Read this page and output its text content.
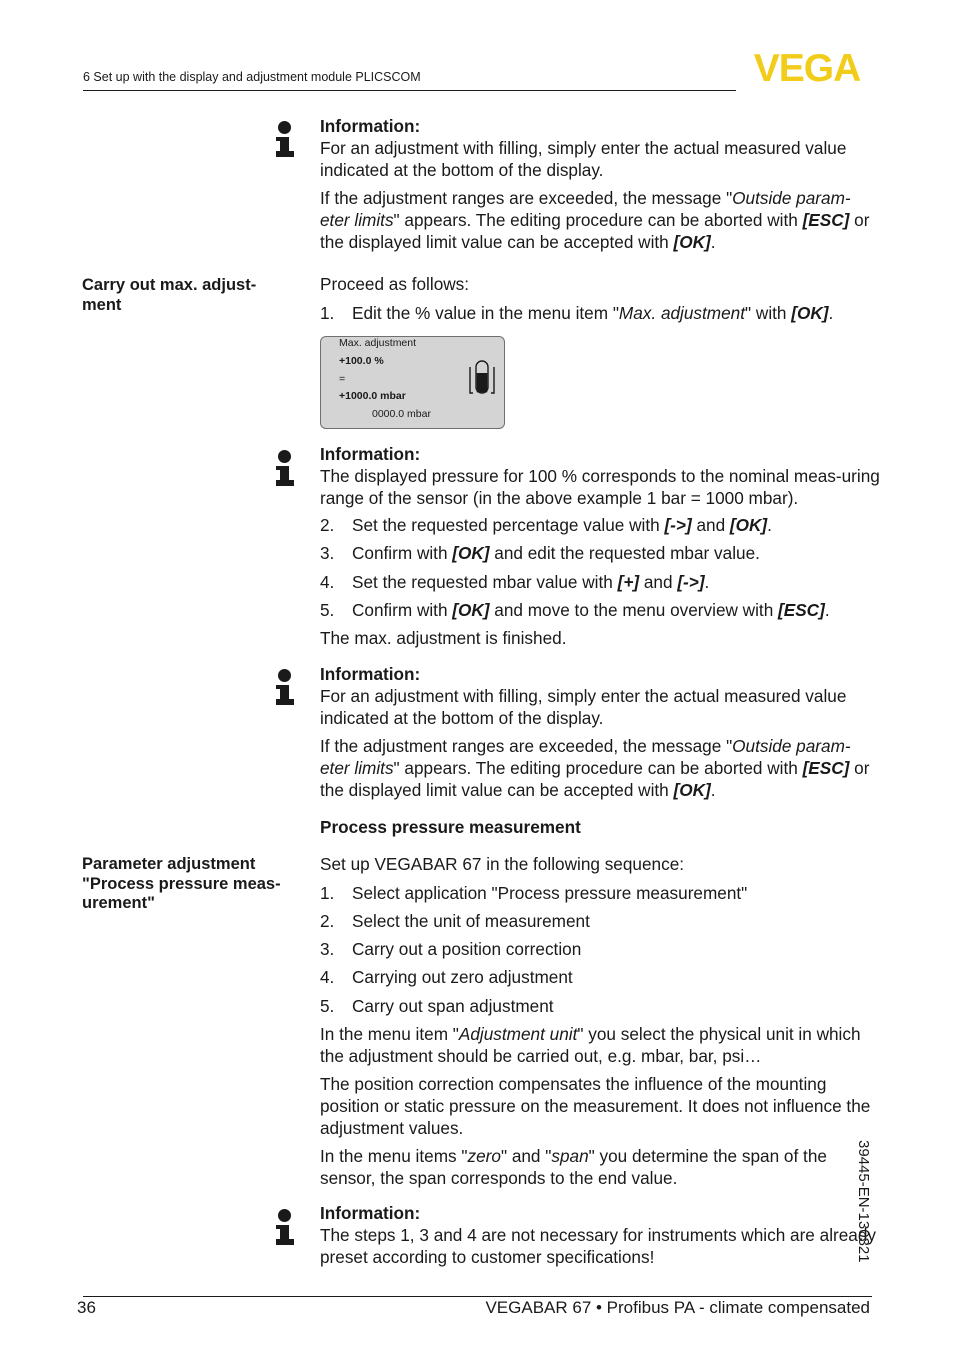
6 Set up with the display and adjustment module PLICSCOM	VEGA

Information:

For an adjustment with filling, simply enter the actual measured value indicated at the bottom of the display.

If the adjustment ranges are exceeded, the message "Outside param-eter limits" appears. The editing procedure can be aborted with [ESC] or the displayed limit value can be accepted with [OK].

Carry out max. adjust-ment
Proceed as follows:
1. Edit the % value in the menu item "Max. adjustment" with [OK].
Max. adjustment
+100.0 %
=
+1000.0 mbar
0000.0 mbar

Information:

The displayed pressure for 100 % corresponds to the nominal meas-uring range of the sensor (in the above example 1 bar = 1000 mbar).

2. Set the requested percentage value with [->] and [OK].
3. Confirm with [OK] and edit the requested mbar value.
4. Set the requested mbar value with [+] and [->].
5. Confirm with [OK] and move to the menu overview with [ESC].
The max. adjustment is finished.

Information:

For an adjustment with filling, simply enter the actual measured value indicated at the bottom of the display.

If the adjustment ranges are exceeded, the message "Outside param-eter limits" appears. The editing procedure can be aborted with [ESC] or the displayed limit value can be accepted with [OK].

Process pressure measurement
Parameter adjustment "Process pressure meas-urement"
Set up VEGABAR 67 in the following sequence:
1. Select application "Process pressure measurement"
2. Select the unit of measurement
3. Carry out a position correction
4. Carrying out zero adjustment
5. Carry out span adjustment
In the menu item "Adjustment unit" you select the physical unit in which the adjustment should be carried out, e.g. mbar, bar, psi…
The position correction compensates the influence of the mounting position or static pressure on the measurement. It does not influence the adjustment values.
In the menu items "zero" and "span" you determine the span of the sensor, the span corresponds to the end value.

Information:

The steps 1, 3 and 4 are not necessary for instruments which are already preset according to customer specifications!	39445-EN-130321
36	VEGABAR 67 • Profibus PA - climate compensated
